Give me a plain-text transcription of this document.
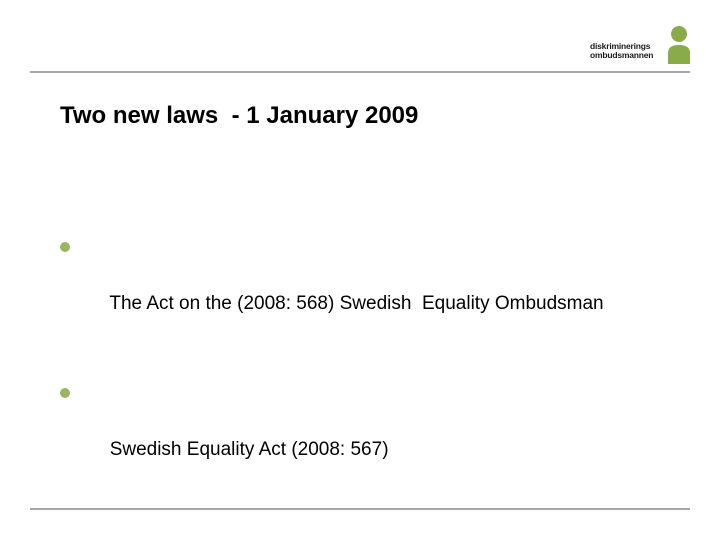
diskriminerings
ombudsmannen
Two new laws  - 1 January 2009

The Act on the (2008: 568) Swedish  Equality Ombudsman

Swedish Equality Act (2008: 567)
